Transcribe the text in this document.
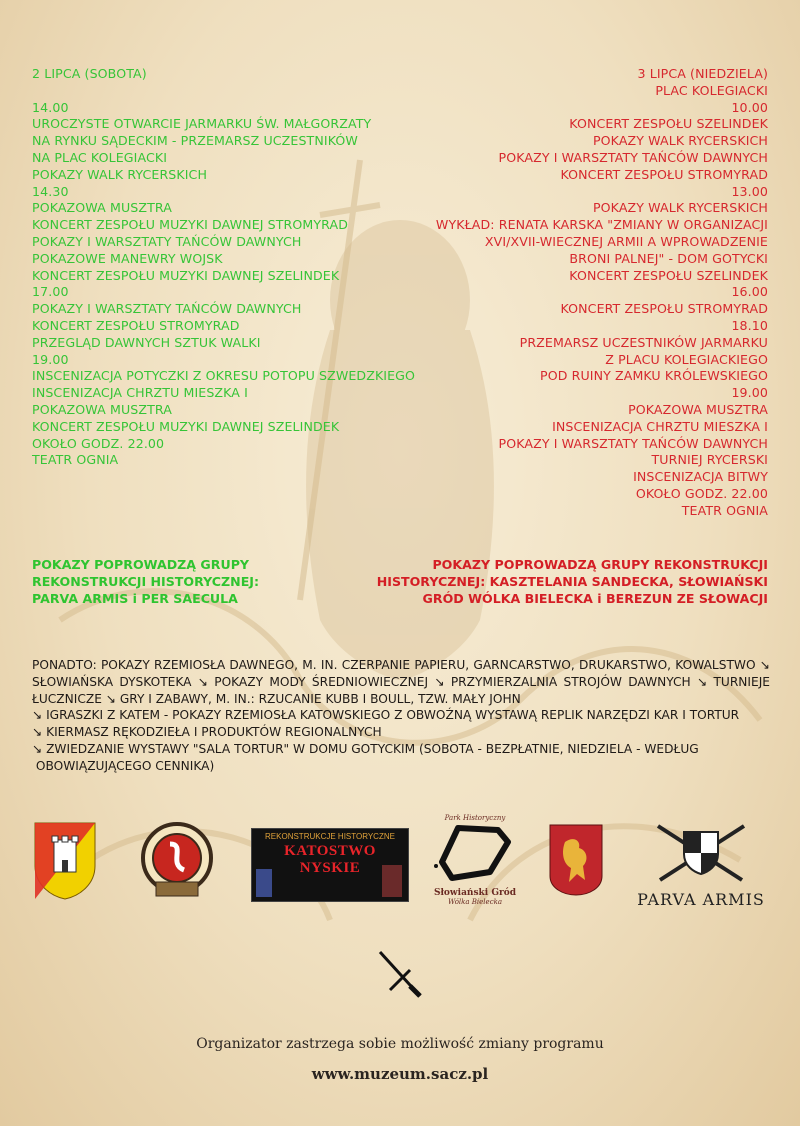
2 LIPCA (SOBOTA)

14.00
UROCZYSTE OTWARCIE JARMARKU ŚW. MAŁGORZATY
NA RYNKU SĄDECKIM - PRZEMARSZ UCZESTNIKÓW
NA PLAC KOLEGIACKI
POKAZY WALK RYCERSKICH
14.30
POKAZOWA MUSZTRA
KONCERT ZESPOŁU MUZYKI DAWNEJ STROMYRAD
POKAZY I WARSZTATY TAŃCÓW DAWNYCH
POKAZOWE MANEWRY WOJSK
KONCERT ZESPOŁU MUZYKI DAWNEJ SZELINDEK
17.00
POKAZY I WARSZTATY TAŃCÓW DAWNYCH
KONCERT ZESPOŁU STROMYRAD
PRZEGLĄD DAWNYCH SZTUK WALKI
19.00
INSCENIZACJA POTYCZKI Z OKRESU POTOPU SZWEDZKIEGO
INSCENIZACJA CHRZTU MIESZKA I
POKAZOWA MUSZTRA
KONCERT ZESPOŁU MUZYKI DAWNEJ SZELINDEK
OKOŁO GODZ. 22.00
TEATR OGNIA
3 LIPCA (NIEDZIELA)
PLAC KOLEGIACKI
10.00
KONCERT ZESPOŁU SZELINDEK
POKAZY WALK RYCERSKICH
POKAZY I WARSZTATY TAŃCÓW DAWNYCH
KONCERT ZESPOŁU STROMYRAD
13.00
POKAZY WALK RYCERSKICH
WYKŁAD: RENATA KARSKA "ZMIANY W ORGANIZACJI
XVI/XVII-WIECZNEJ ARMII A WPROWADZENIE
BRONI PALNEJ" - DOM GOTYCKI
KONCERT ZESPOŁU SZELINDEK
16.00
KONCERT ZESPOŁU STROMYRAD
18.10
PRZEMARSZ UCZESTNIKÓW JARMARKU
Z PLACU KOLEGIACKIEGO
POD RUINY ZAMKU KRÓLEWSKIEGO
19.00
POKAZOWA MUSZTRA
INSCENIZACJA CHRZTU MIESZKA I
POKAZY I WARSZTATY TAŃCÓW DAWNYCH
TURNIEJ RYCERSKI
INSCENIZACJA BITWY
OKOŁO GODZ. 22.00
TEATR OGNIA
POKAZY POPROWADZĄ GRUPY
REKONSTRUKCJI HISTORYCZNEJ:
PARVA ARMIS i PER SAECULA
POKAZY POPROWADZĄ GRUPY REKONSTRUKCJI
HISTORYCZNEJ: KASZTELANIA SANDECKA, SŁOWIAŃSKI
GRÓD WÓLKA BIELECKA i BEREZUN ZE SŁOWACJI
PONADTO: POKAZY RZEMIOSŁA DAWNEGO, M. IN. CZERPANIE PAPIERU, GARNCARSTWO, DRUKARSTWO, KOWALSTWO ↘ SŁOWIAŃSKA DYSKOTEKA ↘ POKAZY MODY ŚREDNIOWIECZNEJ ↘ PRZYMIERZALNIA STROJÓW DAWNYCH ↘ TURNIEJE ŁUCZNICZE ↘ GRY I ZABAWY, M. IN.: RZUCANIE KUBB I BOULL, TZW. MAŁY JOHN
↘ IGRASZKI Z KATEM - POKAZY RZEMIOSŁA KATOWSKIEGO Z OBWOŹNĄ WYSTAWĄ REPLIK NARZĘDZI KAR I TORTUR
↘ KIERMASZ RĘKODZIEŁA I PRODUKTÓW REGIONALNYCH
↘ ZWIEDZANIE WYSTAWY "SALA TORTUR" W DOMU GOTYCKIM (SOBOTA - BEZPŁATNIE, NIEDZIELA - WEDŁUG
OBOWIĄZUJĄCEGO CENNIKA)
REKONSTRUKCJE HISTORYCZNE
KATOSTWO NYSKIE
Park Historyczny
Słowiański Gród
Wólka Bielecka	PARVA ARMIS
Organizator zastrzega sobie możliwość zmiany programu
www.muzeum.sacz.pl
